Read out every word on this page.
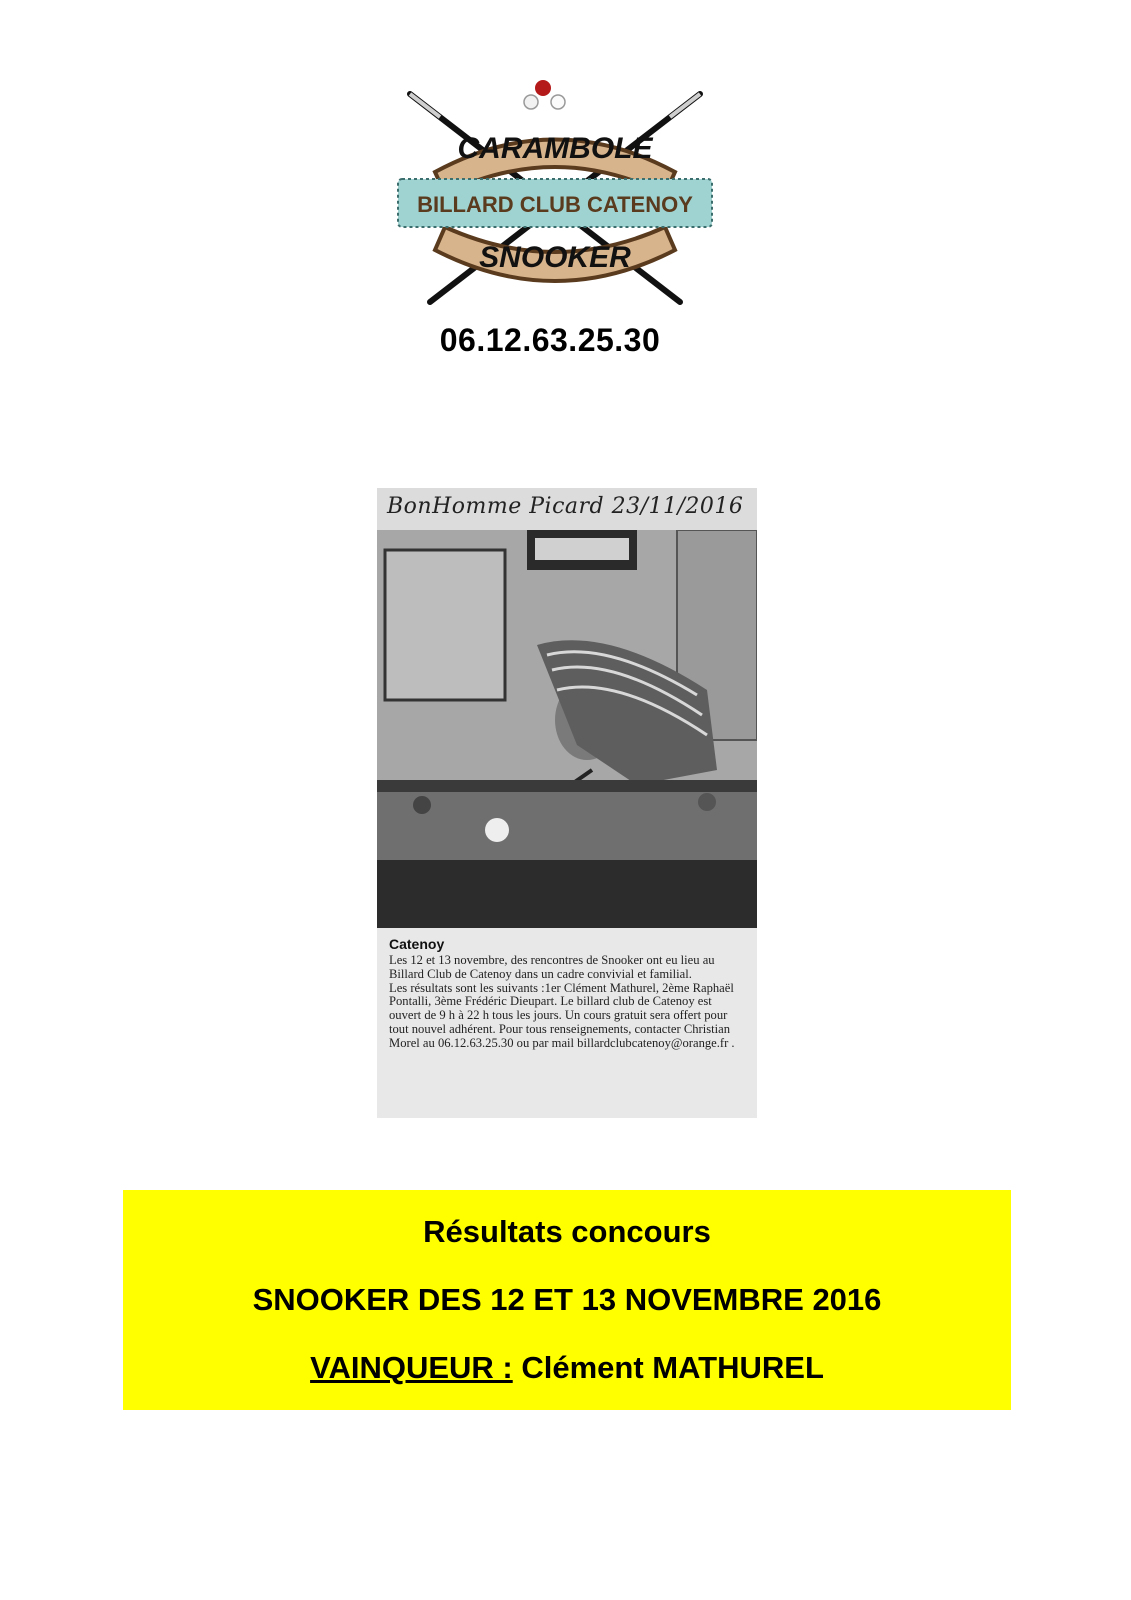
CARAMBOLE
SNOOKER
BILLARD CLUB CATENOY
06.12.63.25.30
BonHomme Picard 23/11/2016
Catenoy
Les 12 et 13 novembre, des rencontres de Snooker ont eu lieu au Billard Club de Catenoy dans un cadre convivial et familial.
Les résultats sont les suivants :1er Clément Mathurel, 2ème Raphaël Pontalli, 3ème Frédéric Dieupart. Le billard club de Catenoy est ouvert de 9 h à 22 h tous les jours. Un cours gratuit sera offert pour tout nouvel adhérent. Pour tous renseignements, contacter Christian Morel au 06.12.63.25.30 ou par mail billardclubcatenoy@orange.fr .
Résultats concours
SNOOKER DES 12 ET 13 NOVEMBRE 2016
VAINQUEUR : Clément MATHUREL
